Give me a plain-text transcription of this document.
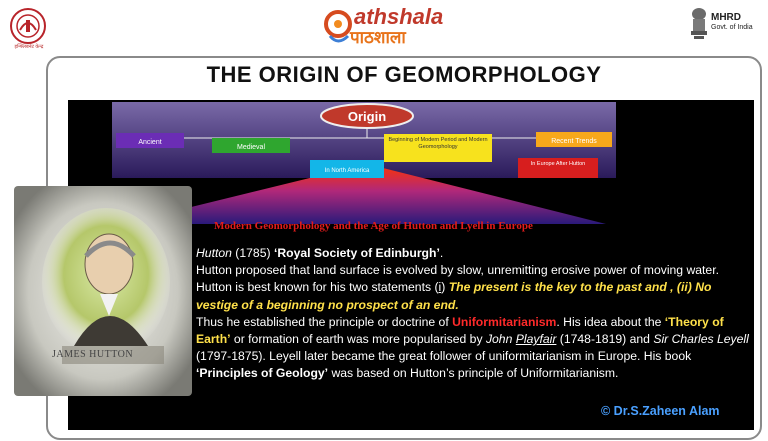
इन्फ्लिबनेट केन्द्र
athshala
पाठशाला
MHRD
Govt. of India
THE ORIGIN OF GEOMORPHOLOGY
Origin
Ancient
Medieval
In North America
Beginning of Modern Period and Modern Geomorphology
Recent Trends
In Europe After Hutton
JAMES HUTTON
Modern Geomorphology and the Age of Hutton and Lyell in Europe

Hutton (1785) ‘Royal Society of Edinburgh’.

Hutton proposed that land surface is evolved by slow, unremitting erosive power of moving water.

Hutton is best known for his two statements (i) The present is the key to the past and , (ii) No vestige of a beginning no prospect of an end.

Thus he established the principle or doctrine of Uniformitarianism. His idea about the ‘Theory of Earth’ or formation of earth was more popularised by John Playfair (1748-1819) and Sir Charles Leyell (1797-1875). Leyell later became the great follower of uniformitarianism in Europe. His book ‘Principles of Geology’ was based on Hutton’s principle of Uniformitarianism.

© Dr.S.Zaheen Alam
